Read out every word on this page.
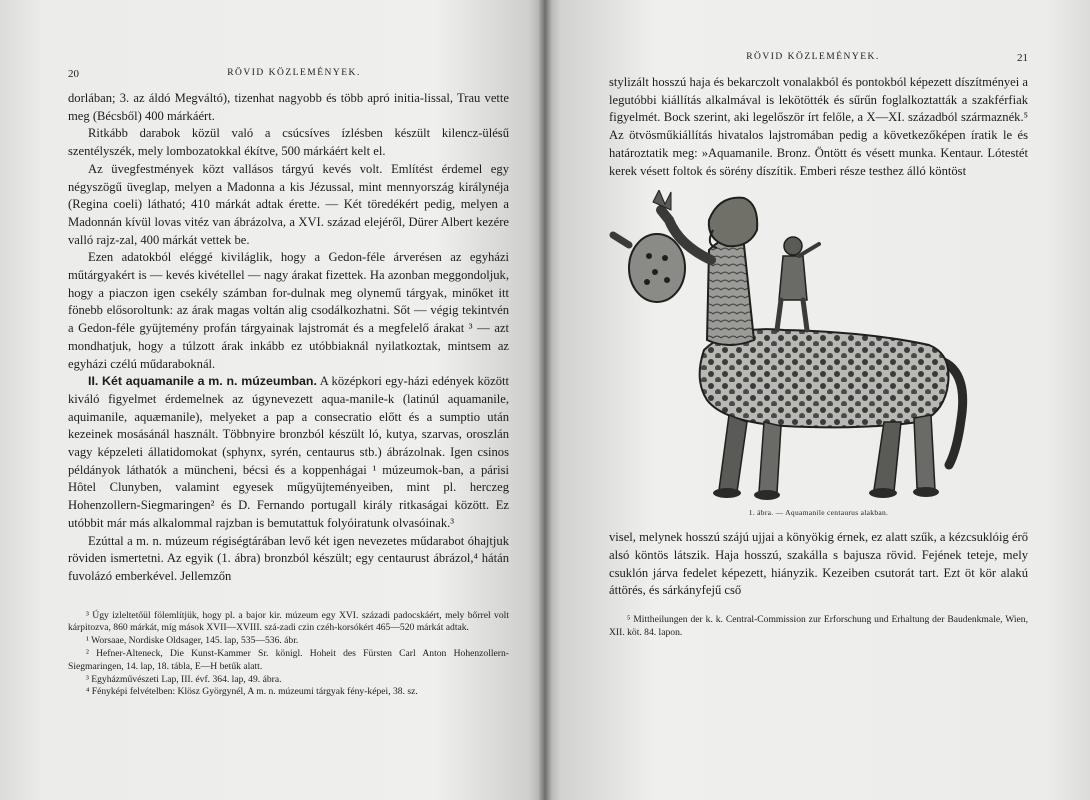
20	RÖVID KÖZLEMÉNYEK.

dorlában; 3. az áldó Megváltó), tizenhat nagyobb és több apró initia-lissal, Trau vette meg (Bécsből) 400 márkáért.

Ritkább darabok közül való a csúcsíves ízlésben készült kilencz-ülésű szentélyszék, mely lombozatokkal ékítve, 500 márkáért kelt el.

Az üvegfestmények közt vallásos tárgyú kevés volt. Említést érdemel egy négyszögű üveglap, melyen a Madonna a kis Jézussal, mint mennyország királynéja (Regina coeli) látható; 410 márkát adtak érette. — Két töredékért pedig, melyen a Madonnán kívül lovas vitéz van ábrázolva, a XVI. század elejéről, Dürer Albert kezére valló rajz-zal, 400 márkát vettek be.

Ezen adatokból eléggé kiviláglik, hogy a Gedon-féle árverésen az egyházi műtárgyakért is — kevés kivétellel — nagy árakat fizettek. Ha azonban meggondoljuk, hogy a piaczon igen csekély számban for-dulnak meg olynemű tárgyak, minőket itt fönebb elősoroltunk: az árak magas voltán alig csodálkozhatni. Sőt — végig tekintvén a Gedon-féle gyüjtemény profán tárgyainak lajstromát és a megfelelő árakat ³ — azt mondhatjuk, hogy a túlzott árak inkább ez utóbbiaknál nyilatkoztak, mintsem az egyházi czélú műdaraboknál.

II. Két aquamanile a m. n. múzeumban. A középkori egy-házi edények között kiváló figyelmet érdemelnek az úgynevezett aqua-manile-k (latinúl aquamanile, aquimanile, aquæmanile), melyeket a pap a consecratio előtt és a sumptio után kezeinek mosásánál használt. Többnyire bronzból készült ló, kutya, szarvas, oroszlán vagy képzeleti állatidomokat (sphynx, syrén, centaurus stb.) ábrázolnak. Igen csinos példányok láthatók a müncheni, bécsi és a koppenhágai ¹ múzeumok-ban, a párisi Hôtel Clunyben, valamint egyesek műgyüjteményeiben, mint pl. herczeg Hohenzollern-Siegmaringen² és D. Fernando portugall király ritkaságai között. Ez utóbbit már más alkalommal rajzban is bemutattuk folyóiratunk olvasóinak.³

Ezúttal a m. n. múzeum régiségtárában levő két igen nevezetes műdarabot óhajtjuk röviden ismertetni. Az egyik (1. ábra) bronzból készült; egy centaurust ábrázol,⁴ hátán fuvolázó emberkével. Jellemzőn

³ Úgy izleltetőül fölemlítjük, hogy pl. a bajor kir. múzeum egy XVI. századi padocskáért, mely bőrrel volt kárpitozva, 860 márkát, míg mások XVII—XVIII. szá-zadi czin czéh-korsókért 465—520 márkát adtak.
¹ Worsaae, Nordiske Oldsager, 145. lap, 535—536. ábr.
² Hefner-Alteneck, Die Kunst-Kammer Sr. königl. Hoheit des Fürsten Carl Anton Hohenzollern-Siegmaringen, 14. lap, 18. tábla, E—H betűk alatt.
³ Egyházművészeti Lap, III. évf. 364. lap, 49. ábra.
⁴ Fényképi felvételben: Klösz Györgynél, A m. n. múzeumi tárgyak fény-képei, 38. sz.
RÖVID KÖZLEMÉNYEK.	21

stylizált hosszú haja és bekarczolt vonalakból és pontokból képezett díszítményei a legutóbbi kiállítás alkalmával is lekötötték és sűrűn foglalkoztatták a szakférfiak figyelmét. Bock szerint, aki legelőször írt felőle, a X—XI. századból származnék.⁵ Az ötvösműkiállítás hivatalos lajstromában pedig a következőképen íratik le és határoztatik meg: »Aquamanile. Bronz. Öntött és vésett munka. Kentaur. Lótestét kerek vésett foltok és sörény díszítik. Emberi része testhez álló köntöst

1. ábra. — Aquamanile centaurus alakban.

visel, melynek hosszú szájú ujjai a könyökig érnek, ez alatt szűk, a kézcsuklóig érő alsó köntös látszik. Haja hosszú, szakálla s bajusza rövid. Fejének teteje, mely csuklón járva fedelet képezett, hiányzik. Kezeiben csutorát tart. Ezt öt kör alakú áttörés, és sárkányfejű cső

⁵ Mittheilungen der k. k. Central-Commission zur Erforschung und Erhaltung der Baudenkmale, Wien, XII. köt. 84. lapon.
